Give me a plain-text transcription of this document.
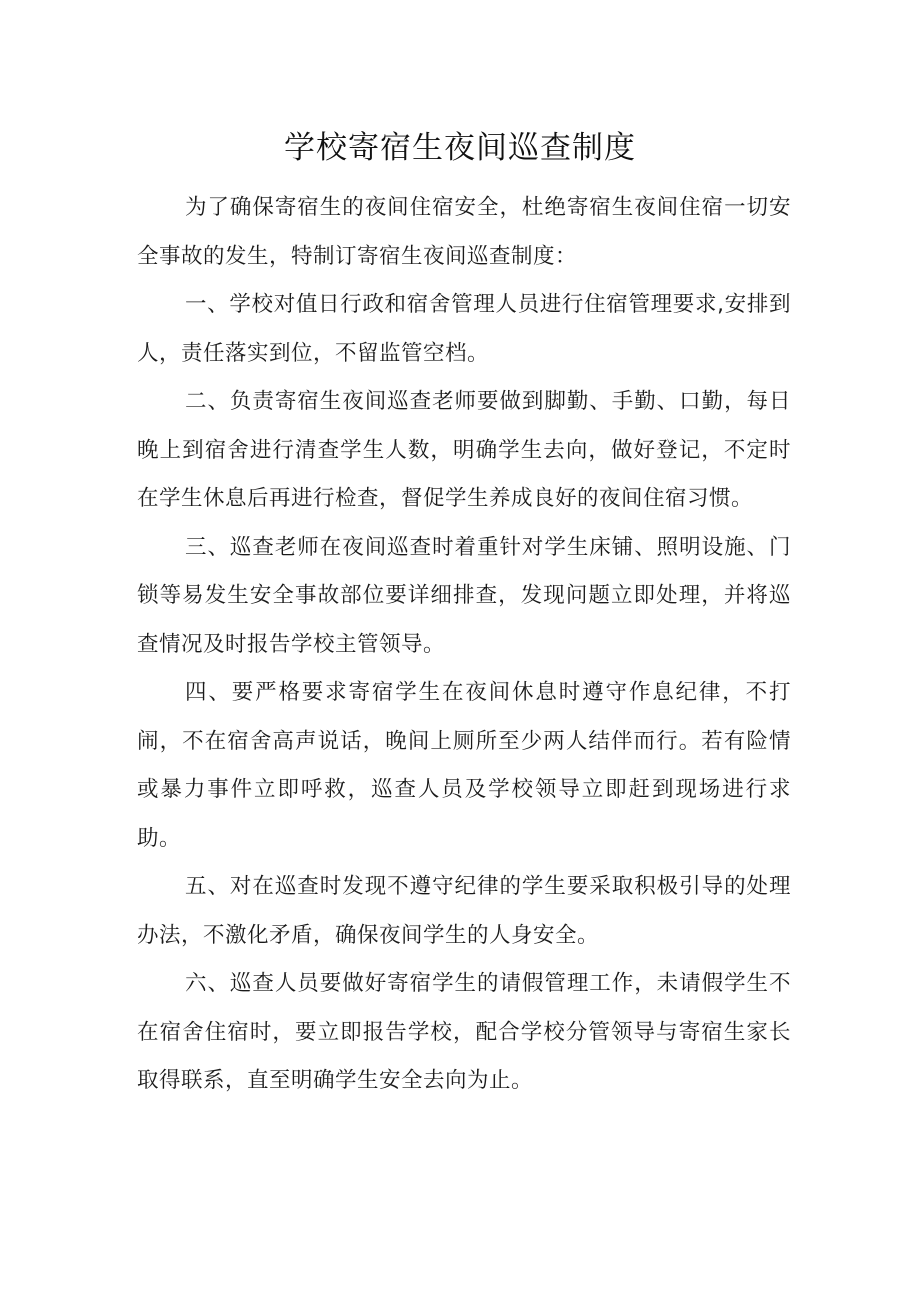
学校寄宿生夜间巡查制度

为了确保寄宿生的夜间住宿安全，杜绝寄宿生夜间住宿一切安全事故的发生，特制订寄宿生夜间巡查制度：

一、学校对值日行政和宿舍管理人员进行住宿管理要求,安排到人，责任落实到位，不留监管空档。

二、负责寄宿生夜间巡查老师要做到脚勤、手勤、口勤，每日晚上到宿舍进行清查学生人数，明确学生去向，做好登记，不定时在学生休息后再进行检查，督促学生养成良好的夜间住宿习惯。

三、巡查老师在夜间巡查时着重针对学生床铺、照明设施、门锁等易发生安全事故部位要详细排查，发现问题立即处理，并将巡查情况及时报告学校主管领导。

四、要严格要求寄宿学生在夜间休息时遵守作息纪律，不打闹，不在宿舍高声说话，晚间上厕所至少两人结伴而行。若有险情或暴力事件立即呼救，巡查人员及学校领导立即赶到现场进行求助。

五、对在巡查时发现不遵守纪律的学生要采取积极引导的处理办法，不激化矛盾，确保夜间学生的人身安全。

六、巡查人员要做好寄宿学生的请假管理工作，未请假学生不在宿舍住宿时，要立即报告学校，配合学校分管领导与寄宿生家长取得联系，直至明确学生安全去向为止。
